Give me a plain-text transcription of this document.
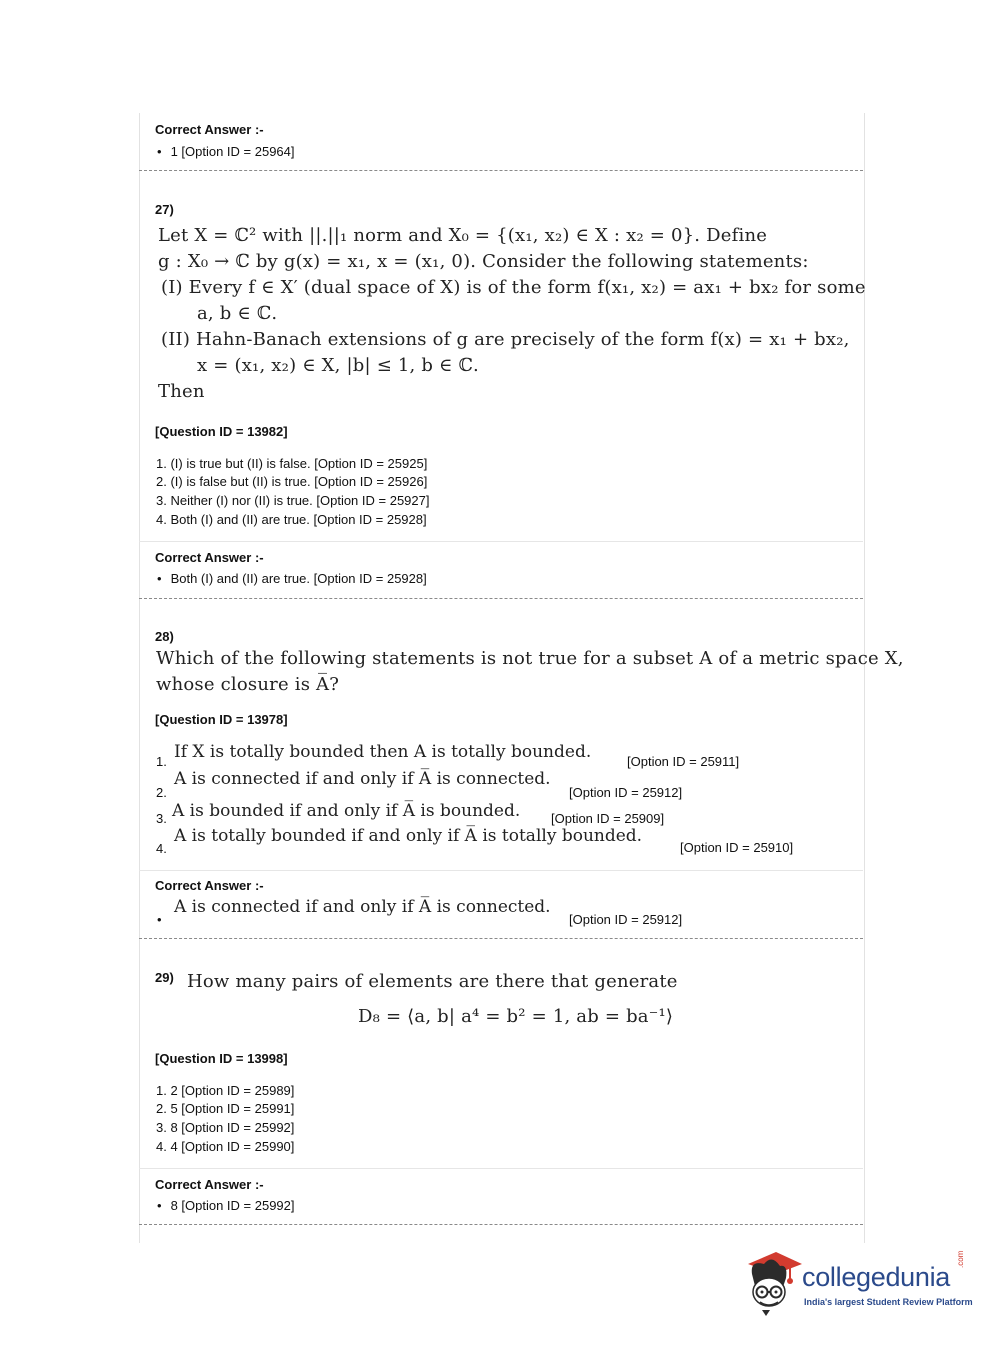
Correct Answer :-
• 1 [Option ID = 25964]
27)
Let X = ℂ² with ||.||₁ norm and X₀ = {(x₁, x₂) ∈ X : x₂ = 0}. Define
g : X₀ → ℂ by g(x) = x₁, x = (x₁, 0). Consider the following statements:
(I) Every f ∈ X′ (dual space of X) is of the form f(x₁, x₂) = ax₁ + bx₂ for some
a, b ∈ ℂ.
(II) Hahn-Banach extensions of g are precisely of the form f(x) = x₁ + bx₂,
x = (x₁, x₂) ∈ X, |b| ≤ 1, b ∈ ℂ.
Then
[Question ID = 13982]
1. (I) is true but (II) is false. [Option ID = 25925]
2. (I) is false but (II) is true. [Option ID = 25926]
3. Neither (I) nor (II) is true. [Option ID = 25927]
4. Both (I) and (II) are true. [Option ID = 25928]
Correct Answer :-
• Both (I) and (II) are true. [Option ID = 25928]
28)
Which of the following statements is not true for a subset A of a metric space X,
whose closure is A̅?
[Question ID = 13978]
1. If X is totally bounded then A is totally bounded.	[Option ID = 25911]
2.
A is connected if and only if A̅ is connected.
[Option ID = 25912]
3. A is bounded if and only if A̅ is bounded. [Option ID = 25909]
4.
A is totally bounded if and only if A̅ is totally bounded.
[Option ID = 25910]
Correct Answer :-
•
A is connected if and only if A̅ is connected.
[Option ID = 25912]
29) How many pairs of elements are there that generate
D₈ = ⟨a, b| a⁴ = b² = 1, ab = ba⁻¹⟩
[Question ID = 13998]
1. 2 [Option ID = 25989]
2. 5 [Option ID = 25991]
3. 8 [Option ID = 25992]
4. 4 [Option ID = 25990]
Correct Answer :-
• 8 [Option ID = 25992]
collegedunia
.com
India's largest Student Review Platform
